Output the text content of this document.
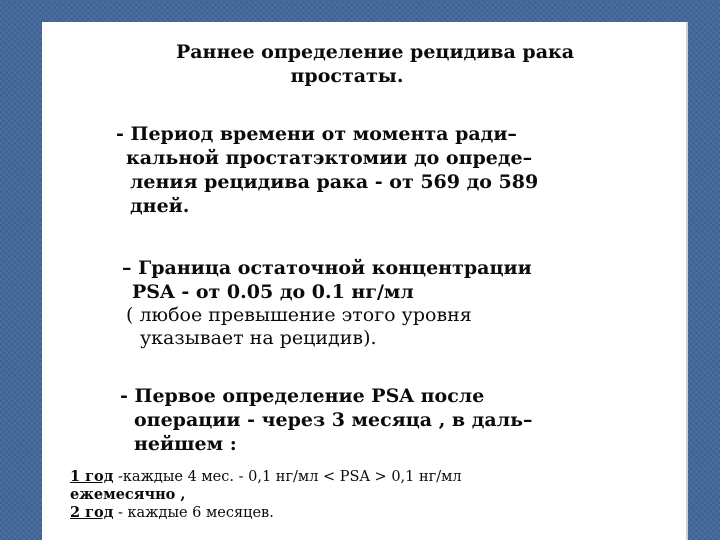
Раннее определение рецидива рака
простаты.
- Период времени от момента ради–
кальной простатэктомии до опреде–
ления рецидива рака - от 569 до 589
дней.
– Граница остаточной концентрации
PSA - от 0.05 до 0.1 нг/мл
( любое превышение этого уровня
указывает на рецидив).
- Первое определение PSA после
операции - через 3 месяца , в даль–
нейшем :
1 год -каждые 4 мес. - 0,1 нг/мл < PSA > 0,1 нг/мл
ежемесячно ,
2 год - каждые 6 месяцев.
